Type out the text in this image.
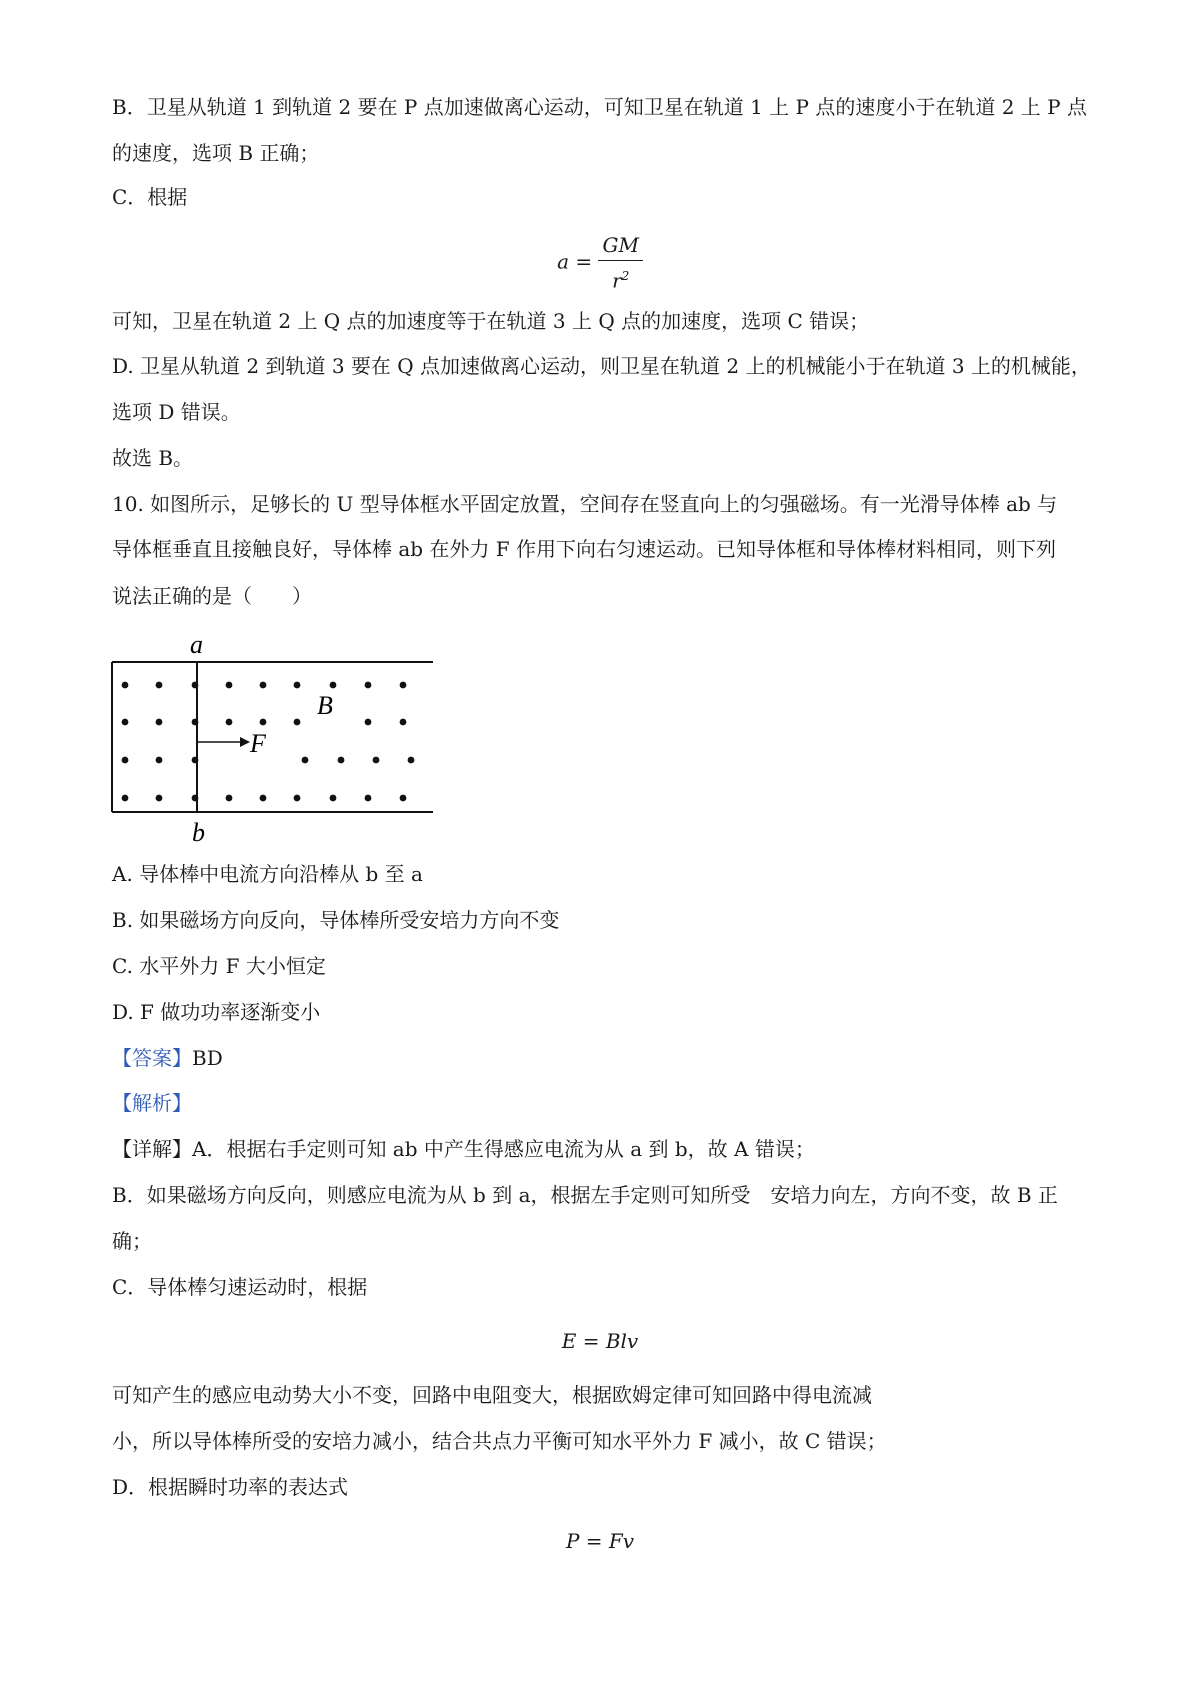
B．卫星从轨道 1 到轨道 2 要在 P 点加速做离心运动，可知卫星在轨道 1 上 P 点的速度小于在轨道 2 上 P 点

的速度，选项 B 正确；

C．根据

$a = \frac{GM}{r^2}$

可知，卫星在轨道 2 上 Q 点的加速度等于在轨道 3 上 Q 点的加速度，选项 C 错误；

D. 卫星从轨道 2 到轨道 3 要在 Q 点加速做离心运动，则卫星在轨道 2 上的机械能小于在轨道 3 上的机械能，

选项 D 错误。

故选 B。

10. 如图所示，足够长的 U 型导体框水平固定放置，空间存在竖直向上的匀强磁场。有一光滑导体棒 ab 与

导体框垂直且接触良好，导体棒 ab 在外力 F 作用下向右匀速运动。已知导体框和导体棒材料相同，则下列

说法正确的是（　　）

a
b
B
F

A. 导体棒中电流方向沿棒从 b 至 a

B. 如果磁场方向反向，导体棒所受安培力方向不变

C. 水平外力 F 大小恒定

D. F 做功功率逐渐变小

【答案】BD

【解析】

【详解】A．根据右手定则可知 ab 中产生得感应电流为从 a 到 b，故 A 错误；

B．如果磁场方向反向，则感应电流为从 b 到 a，根据左手定则可知所受　安培力向左，方向不变，故 B 正

确；

C．导体棒匀速运动时，根据

E = Blv

可知产生的感应电动势大小不变，回路中电阻变大，根据欧姆定律可知回路中得电流减

小，所以导体棒所受的安培力减小，结合共点力平衡可知水平外力 F 减小，故 C 错误；

D．根据瞬时功率的表达式

P = Fv
